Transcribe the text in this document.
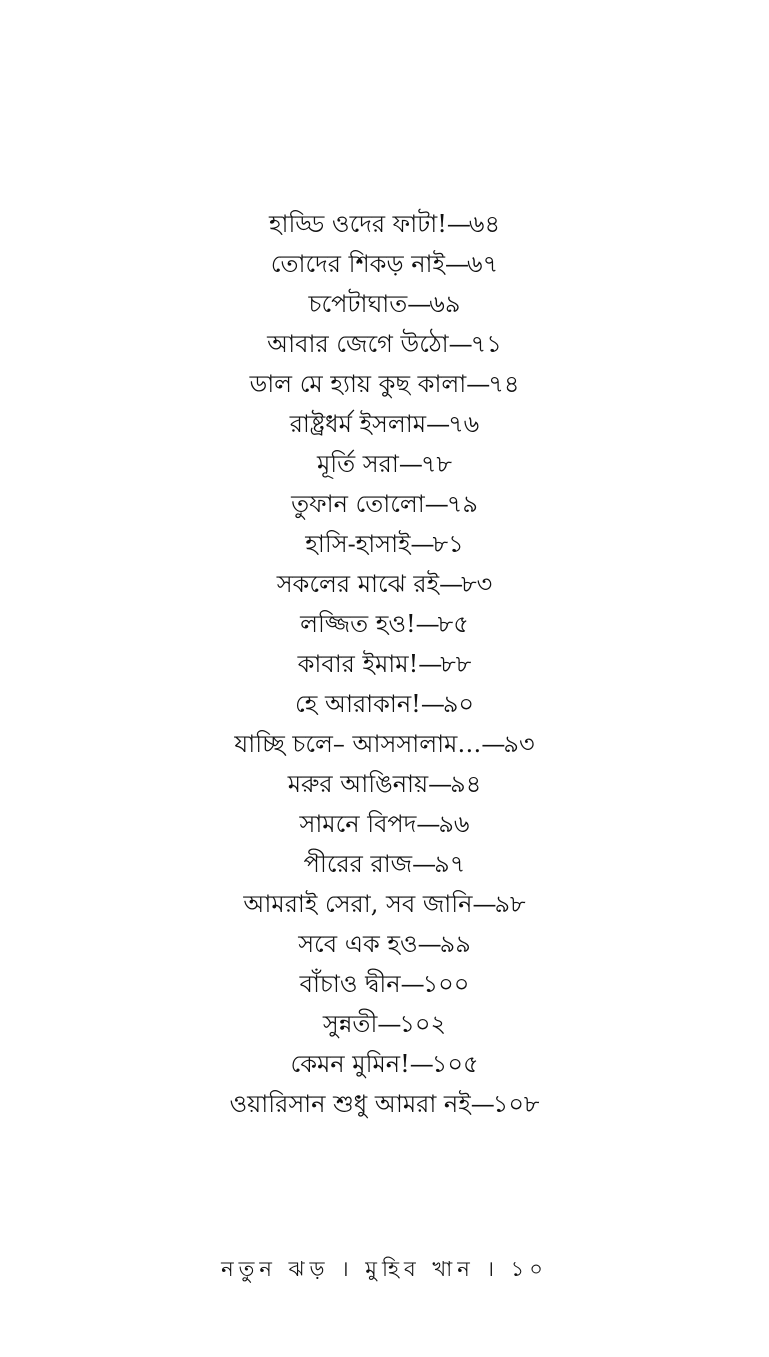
হাড্ডি ওদের ফাটা!—৬৪
তোদের শিকড় নাই—৬৭
চপেটাঘাত—৬৯
আবার জেগে উঠো—৭১
ডাল মে হ্যায় কুছ কালা—৭৪
রাষ্ট্রধর্ম ইসলাম—৭৬
মূর্তি সরা—৭৮
তুফান তোলো—৭৯
হাসি-হাসাই—৮১
সকলের মাঝে রই—৮৩
লজ্জিত হও!—৮৫
কাবার ইমাম!—৮৮
হে আরাকান!—৯০
যাচ্ছি চলে– আসসালাম…—৯৩
মরুর আঙিনায়—৯৪
সামনে বিপদ—৯৬
পীরের রাজ—৯৭
আমরাই সেরা, সব জানি—৯৮
সবে এক হও—৯৯
বাঁচাও দ্বীন—১০০
সুন্নতী—১০২
কেমন মুমিন!—১০৫
ওয়ারিসান শুধু আমরা নই—১০৮
নতুন ঝড় । মুহিব খান । ১০
